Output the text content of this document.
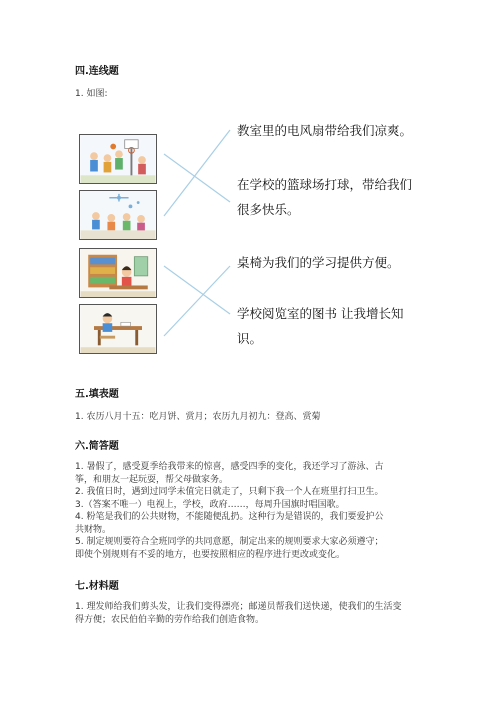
四.连线题
1. 如图:
教室里的电风扇带给我们凉爽。
在学校的篮球场打球，带给我们
很多快乐。
桌椅为我们的学习提供方便。
学校阅览室的图书 让我增长知
识。
五.填表题
1. 农历八月十五：吃月饼、赏月；农历九月初九：登高、赏菊
六.简答题
1. 暑假了，感受夏季给我带来的惊喜，感受四季的变化，我还学习了游泳、古
筝，和朋友一起玩耍，帮父母做家务。
2. 我值日时，遇到过同学未值完日就走了，只剩下我一个人在班里打扫卫生。
3.（答案不唯一）电视上，学校，政府……，每周升国旗时唱国歌。
4. 粉笔是我们的公共财物，不能随便乱扔。这种行为是错误的，我们要爱护公
共财物。
5. 制定规则要符合全班同学的共同意愿，制定出来的规则要求大家必须遵守；
即使个别规则有不妥的地方，也要按照相应的程序进行更改或变化。
七.材料题
1. 理发师给我们剪头发，让我们变得漂亮；邮递员帮我们送快递，使我们的生活变
得方便；农民伯伯辛勤的劳作给我们创造食物。
